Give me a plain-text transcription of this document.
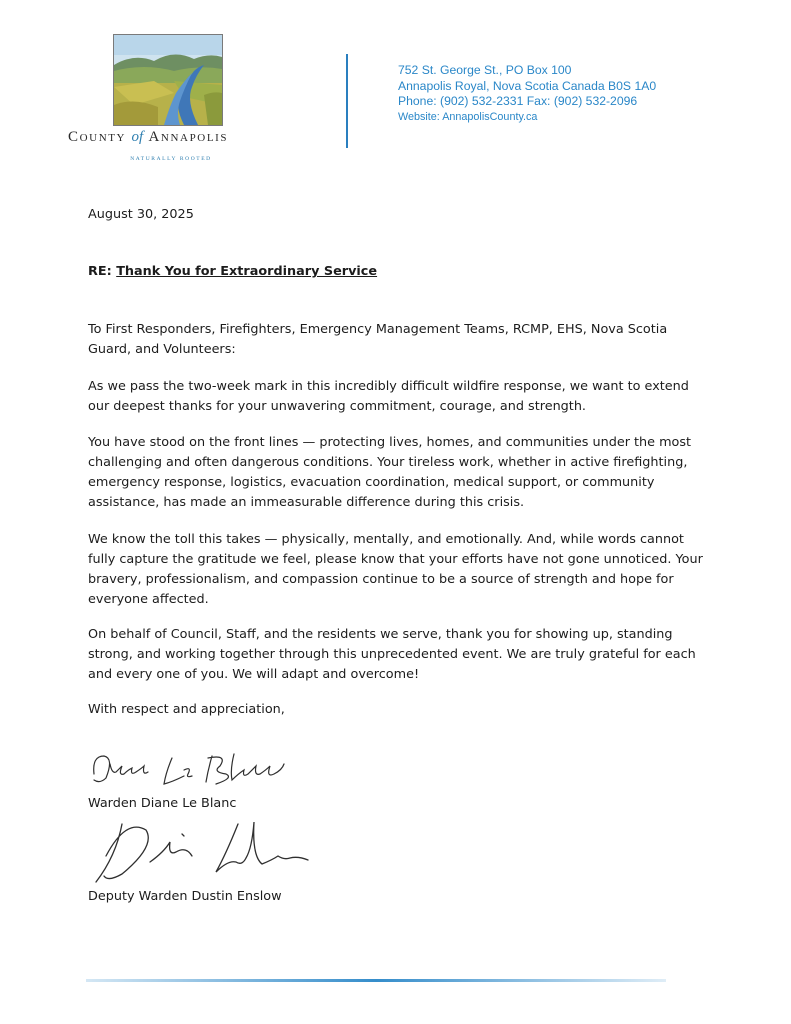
County of Annapolis
NATURALLY ROOTED
752 St. George St., PO Box 100
Annapolis Royal, Nova Scotia Canada B0S 1A0
Phone: (902) 532-2331 Fax: (902) 532-2096
Website: AnnapolisCounty.ca
August 30, 2025
RE: Thank You for Extraordinary Service

To First Responders, Firefighters, Emergency Management Teams, RCMP, EHS, Nova Scotia Guard, and Volunteers:

As we pass the two-week mark in this incredibly difficult wildfire response, we want to extend our deepest thanks for your unwavering commitment, courage, and strength.

You have stood on the front lines — protecting lives, homes, and communities under the most challenging and often dangerous conditions. Your tireless work, whether in active firefighting, emergency response, logistics, evacuation coordination, medical support, or community assistance, has made an immeasurable difference during this crisis.

We know the toll this takes — physically, mentally, and emotionally. And, while words cannot fully capture the gratitude we feel, please know that your efforts have not gone unnoticed. Your bravery, professionalism, and compassion continue to be a source of strength and hope for everyone affected.

On behalf of Council, Staff, and the residents we serve, thank you for showing up, standing strong, and working together through this unprecedented event. We are truly grateful for each and every one of you. We will adapt and overcome!

With respect and appreciation,
Warden Diane Le Blanc
Deputy Warden Dustin Enslow
